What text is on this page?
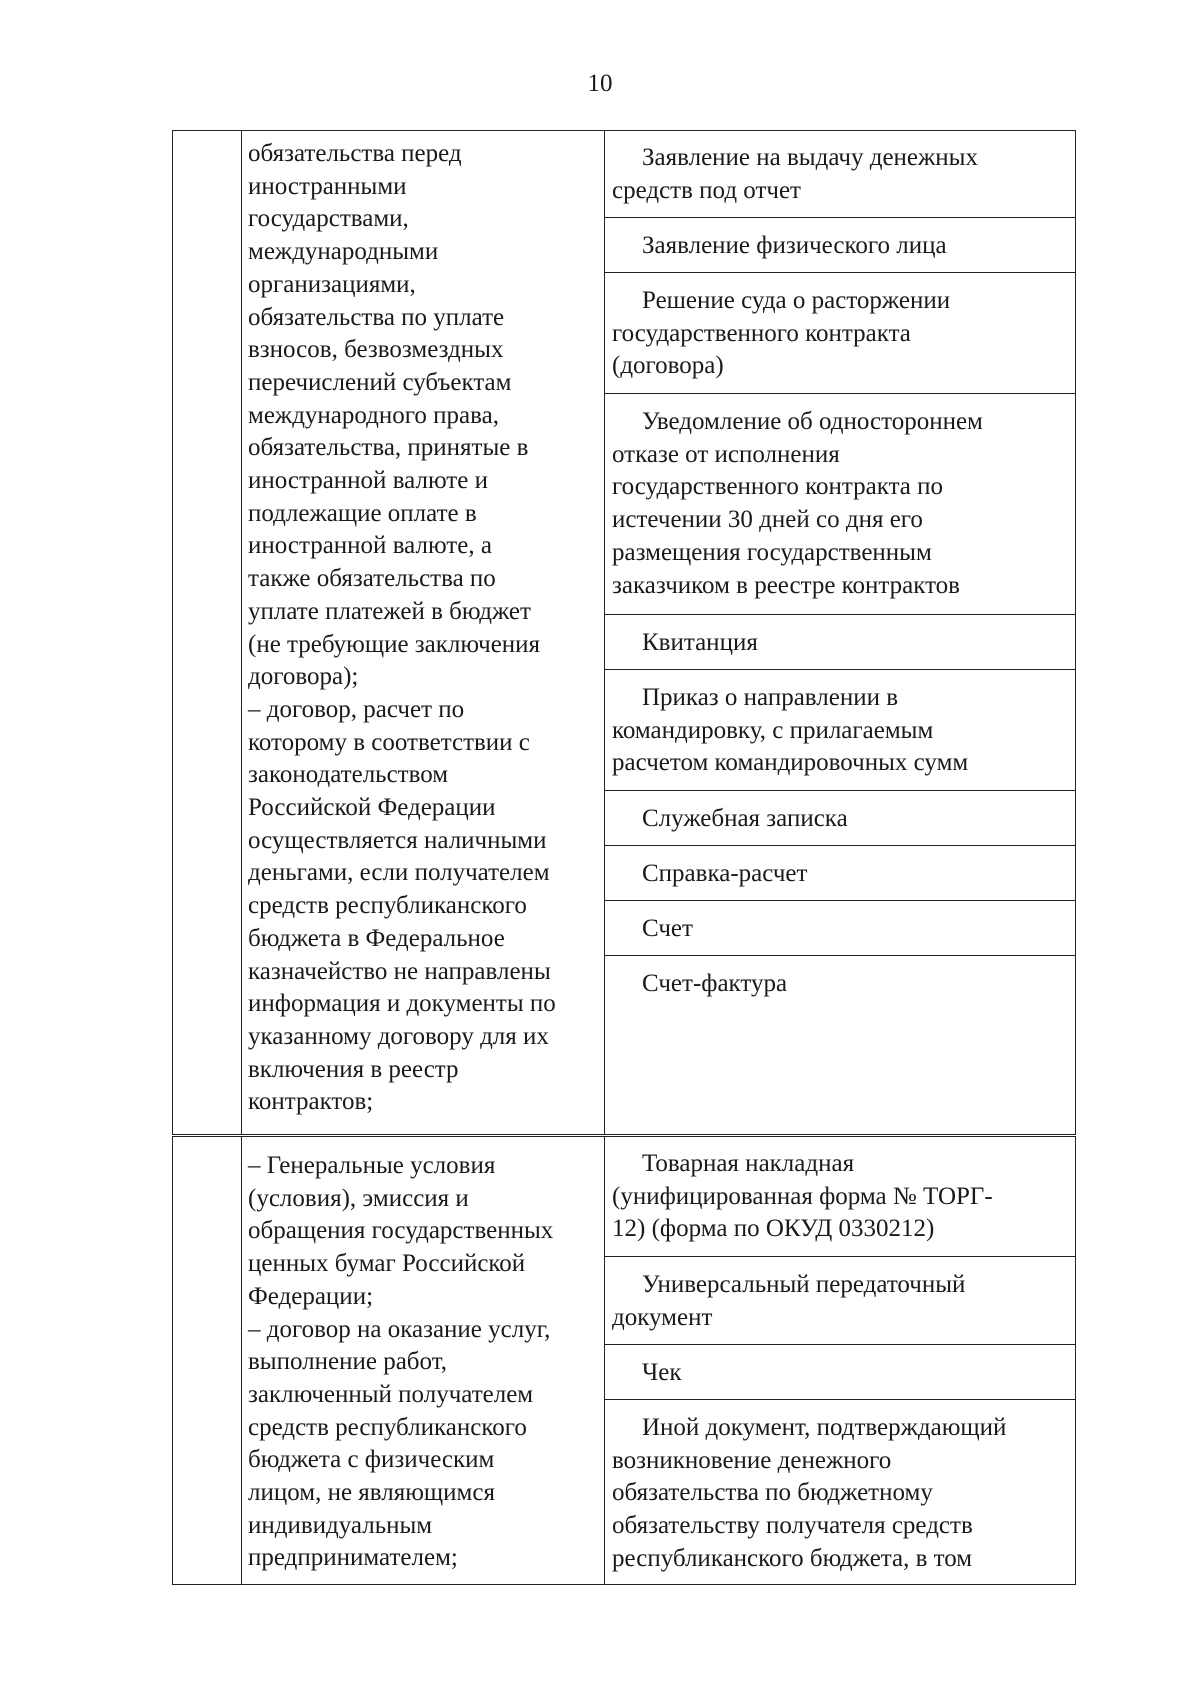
10

обязательства перед
иностранными
государствами,
международными
организациями,
обязательства по уплате
взносов, безвозмездных
перечислений субъектам
международного права,
обязательства, принятые в
иностранной валюте и
подлежащие оплате в
иностранной валюте, а
также обязательства по
уплате платежей в бюджет
(не требующие заключения
договора);
– договор, расчет по
которому в соответствии с
законодательством
Российской Федерации
осуществляется наличными
деньгами, если получателем
средств республиканского
бюджета в Федеральное
казначейство не направлены
информация и документы по
указанному договору для их
включения в реестр
контрактов;

Заявление на выдачу денежных
средств под отчет

Заявление физического лица

Решение суда о расторжении
государственного контракта
(договора)

Уведомление об одностороннем
отказе от исполнения
государственного контракта по
истечении 30 дней со дня его
размещения государственным
заказчиком в реестре контрактов

Квитанция

Приказ о направлении в
командировку, с прилагаемым
расчетом командировочных сумм

Служебная записка

Справка-расчет

Счет

Счет-фактура

– Генеральные условия
(условия), эмиссия и
обращения государственных
ценных бумаг Российской
Федерации;
– договор на оказание услуг,
выполнение работ,
заключенный получателем
средств республиканского
бюджета с физическим
лицом, не являющимся
индивидуальным
предпринимателем;

Товарная накладная
(унифицированная форма № ТОРГ-
12) (форма по ОКУД 0330212)

Универсальный передаточный
документ

Чек

Иной документ, подтверждающий
возникновение денежного
обязательства по бюджетному
обязательству получателя средств
республиканского бюджета, в том
